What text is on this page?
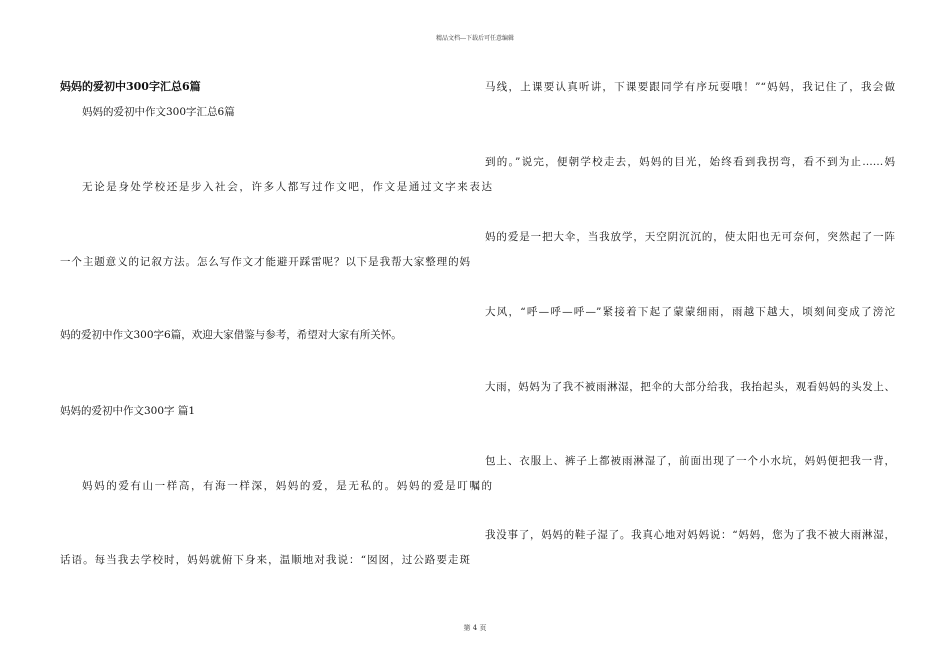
精品文档---下载后可任意编辑
妈妈的爱初中300字汇总6篇
妈妈的爱初中作文300字汇总6篇
无论是身处学校还是步入社会，许多人都写过作文吧，作文是通过文字来表达
一个主题意义的记叙方法。怎么写作文才能避开踩雷呢？以下是我帮大家整理的妈
妈的爱初中作文300字6篇，欢迎大家借鉴与参考，希望对大家有所关怀。
妈妈的爱初中作文300字 篇1
妈妈的爱有山一样高，有海一样深，妈妈的爱，是无私的。妈妈的爱是叮嘱的
话语。每当我去学校时，妈妈就俯下身来，温顺地对我说：“囡囡，过公路要走斑
马线，上课要认真听讲，下课要跟同学有序玩耍哦！”“妈妈，我记住了，我会做
到的。”说完，便朝学校走去，妈妈的目光，始终看到我拐弯，看不到为止……妈
妈的爱是一把大伞，当我放学，天空阴沉沉的，使太阳也无可奈何，突然起了一阵
大风，“呼—呼—呼—”紧接着下起了蒙蒙细雨，雨越下越大，顷刻间变成了滂沱
大雨，妈妈为了我不被雨淋湿，把伞的大部分给我，我抬起头，观看妈妈的头发上、
包上、衣服上、裤子上都被雨淋湿了，前面出现了一个小水坑，妈妈便把我一背，
我没事了，妈妈的鞋子湿了。我真心地对妈妈说：“妈妈，您为了我不被大雨淋湿，
第 4 页
